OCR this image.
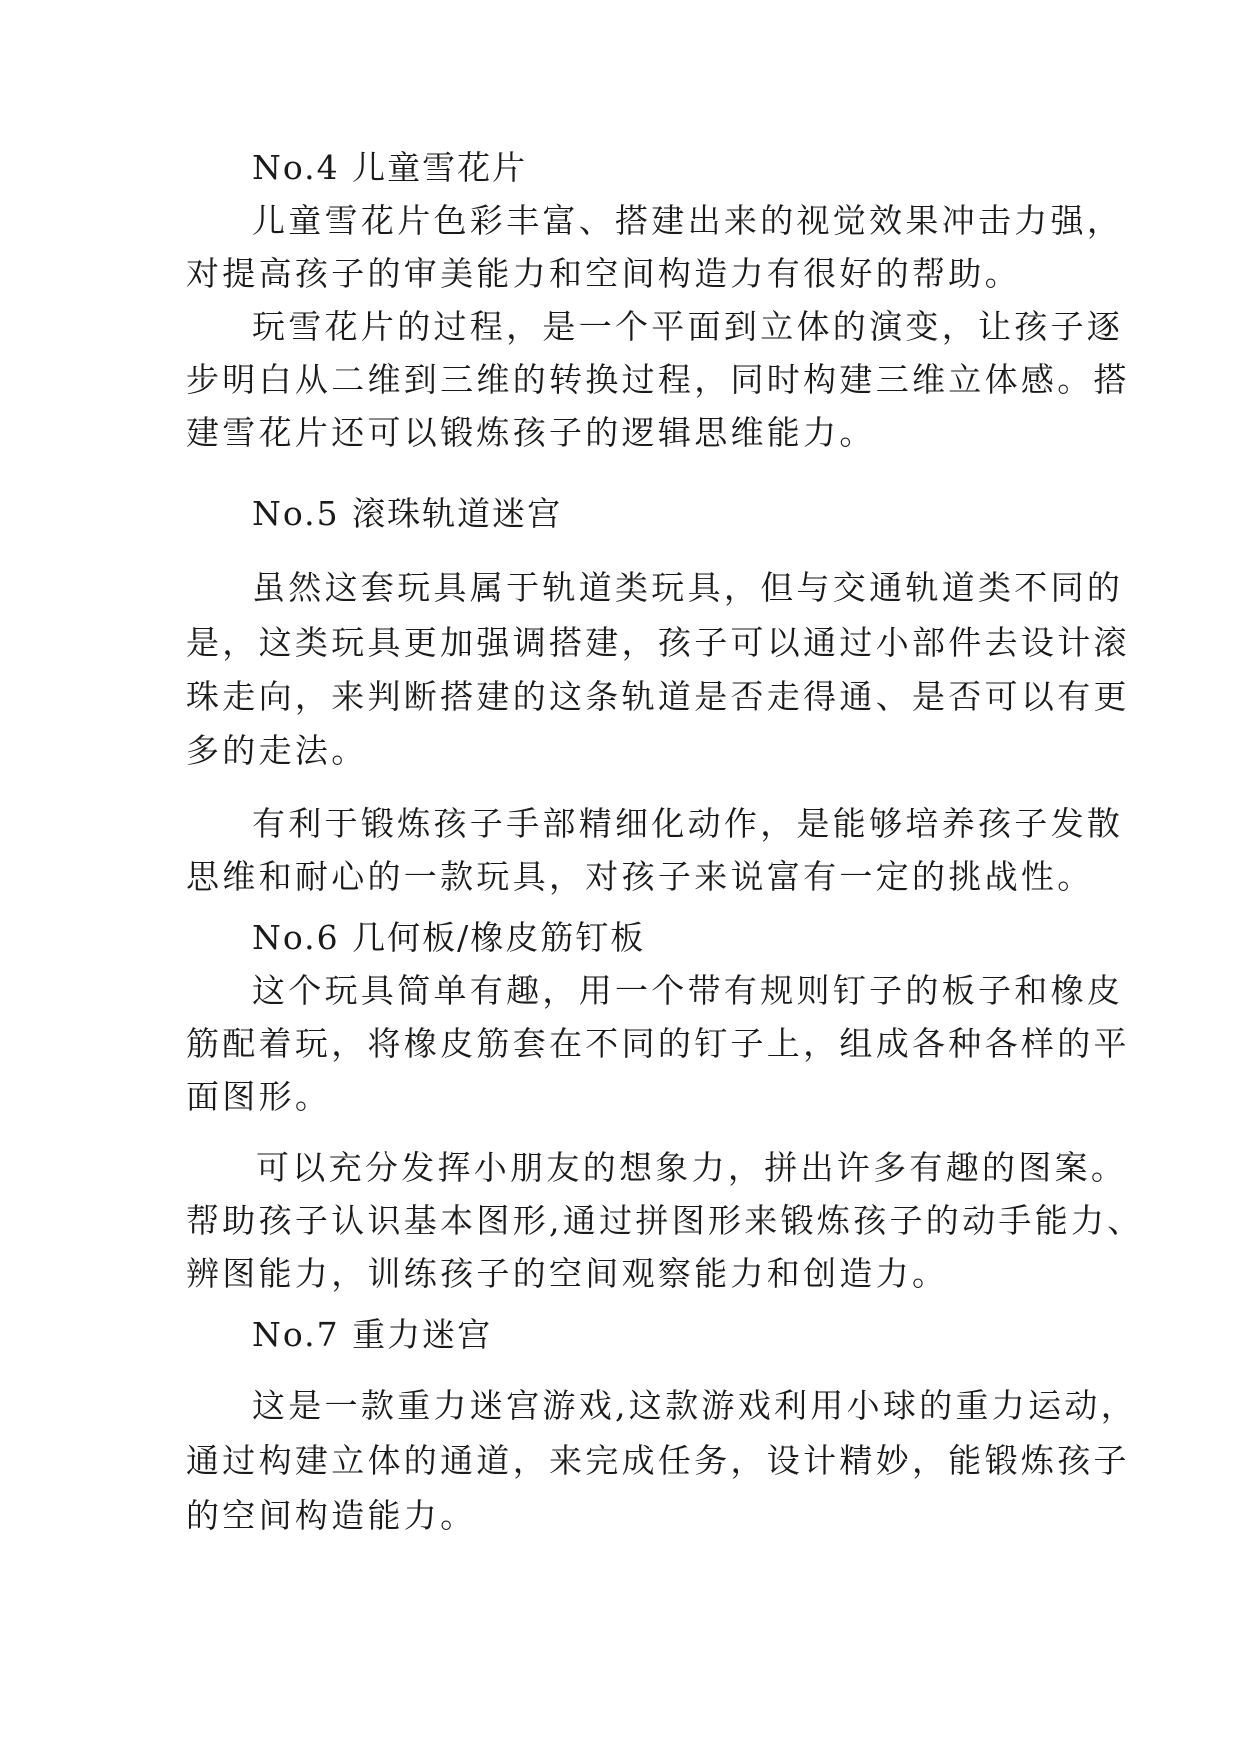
No.4 儿童雪花片
儿童雪花片色彩丰富、搭建出来的视觉效果冲击力强，
对提高孩子的审美能力和空间构造力有很好的帮助。
玩雪花片的过程，是一个平面到立体的演变，让孩子逐
步明白从二维到三维的转换过程，同时构建三维立体感。搭
建雪花片还可以锻炼孩子的逻辑思维能力。
No.5 滚珠轨道迷宫
虽然这套玩具属于轨道类玩具，但与交通轨道类不同的
是，这类玩具更加强调搭建，孩子可以通过小部件去设计滚
珠走向，来判断搭建的这条轨道是否走得通、是否可以有更
多的走法。
有利于锻炼孩子手部精细化动作，是能够培养孩子发散
思维和耐心的一款玩具，对孩子来说富有一定的挑战性。
No.6 几何板/橡皮筋钉板
这个玩具简单有趣，用一个带有规则钉子的板子和橡皮
筋配着玩，将橡皮筋套在不同的钉子上，组成各种各样的平
面图形。
可以充分发挥小朋友的想象力，拼出许多有趣的图案。
帮助孩子认识基本图形,通过拼图形来锻炼孩子的动手能力、
辨图能力，训练孩子的空间观察能力和创造力。
No.7 重力迷宫
这是一款重力迷宫游戏,这款游戏利用小球的重力运动，
通过构建立体的通道，来完成任务，设计精妙，能锻炼孩子
的空间构造能力。
